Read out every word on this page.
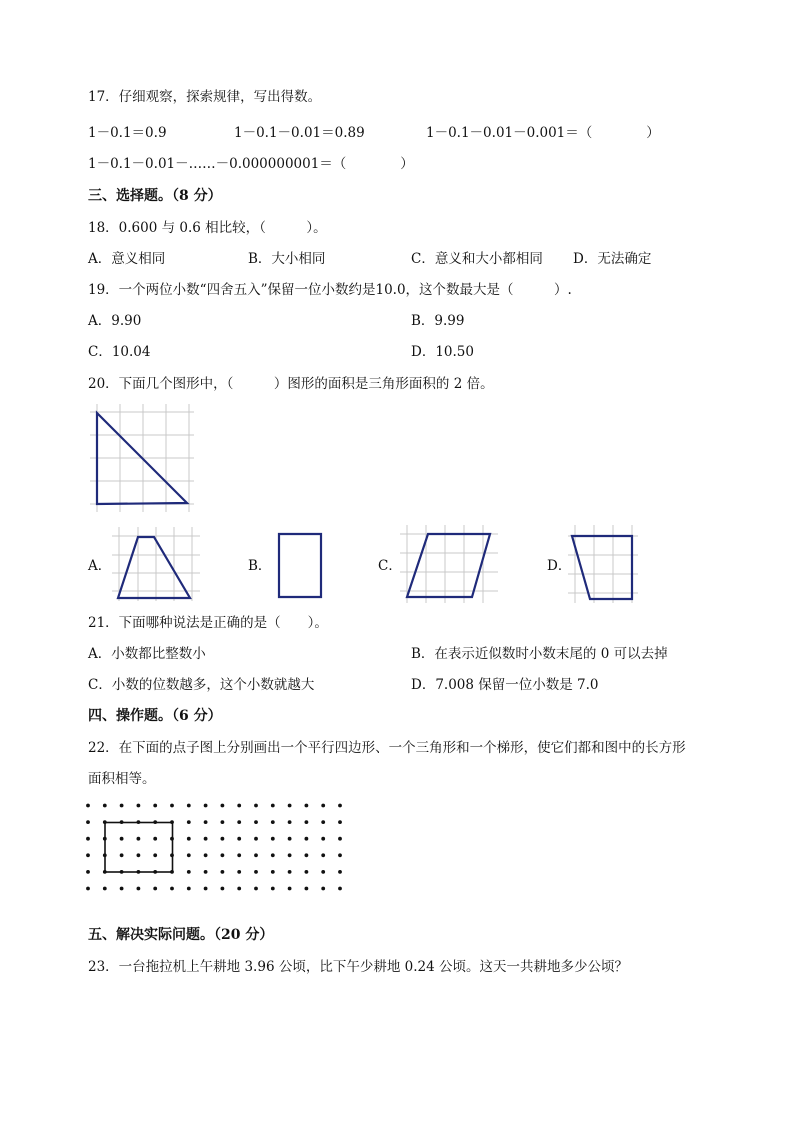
17．仔细观察，探索规律，写出得数。
1－0.1＝0.9	1－0.1－0.01＝0.89	1－0.1－0.01－0.001＝（　　　　）
1－0.1－0.01－……－0.000000001＝（　　　　）
三、选择题。（8 分）
18．0.600 与 0.6 相比较，（　　　）。
A．意义相同	B．大小相同	C．意义和大小都相同 D．无法确定
19．一个两位小数“四舍五入”保留一位小数约是10.0，这个数最大是（　　　）.
A．9.90	B．9.99
C．10.04	D．10.50
20．下面几个图形中，（　　　）图形的面积是三角形面积的 2 倍。
A．	B．	C．	D．
21．下面哪种说法是正确的是（　　）。
A．小数都比整数小	B．在表示近似数时小数末尾的 0 可以去掉
C．小数的位数越多，这个小数就越大	D．7.008 保留一位小数是 7.0
四、操作题。（6 分）
22．在下面的点子图上分别画出一个平行四边形、一个三角形和一个梯形，使它们都和图中的长方形
面积相等。
五、解决实际问题。（20 分）
23．一台拖拉机上午耕地 3.96 公顷，比下午少耕地 0.24 公顷。这天一共耕地多少公顷？
